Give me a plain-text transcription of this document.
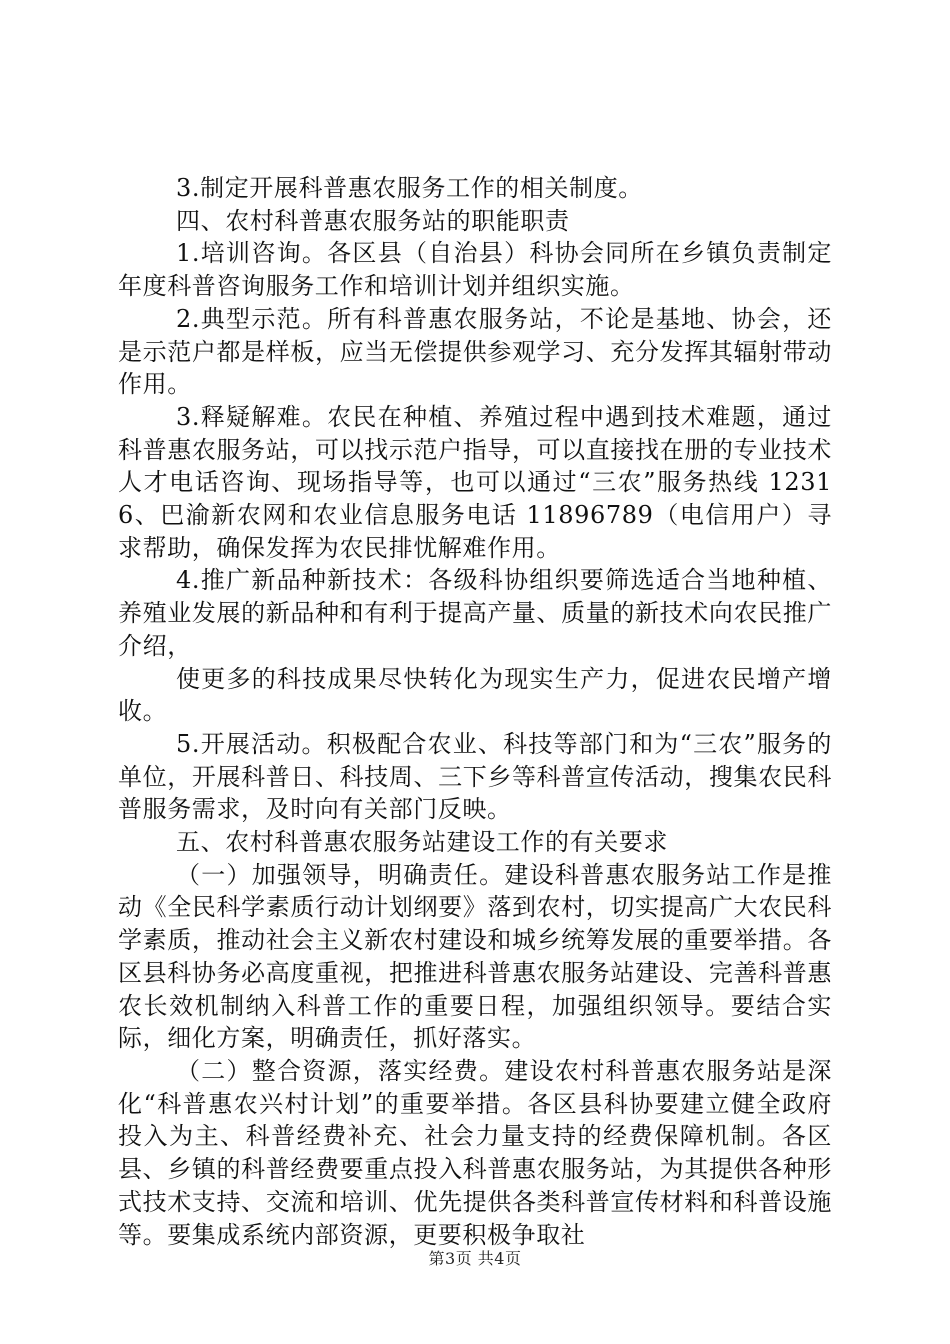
3.制定开展科普惠农服务工作的相关制度。

四、农村科普惠农服务站的职能职责

1.培训咨询。各区县（自治县）科协会同所在乡镇负责制定年度科普咨询服务工作和培训计划并组织实施。

2.典型示范。所有科普惠农服务站，不论是基地、协会，还是示范户都是样板，应当无偿提供参观学习、充分发挥其辐射带动作用。

3.释疑解难。农民在种植、养殖过程中遇到技术难题，通过科普惠农服务站，可以找示范户指导，可以直接找在册的专业技术人才电话咨询、现场指导等，也可以通过“三农”服务热线 12316、巴渝新农网和农业信息服务电话 11896789（电信用户）寻求帮助，确保发挥为农民排忧解难作用。

4.推广新品种新技术：各级科协组织要筛选适合当地种植、养殖业发展的新品种和有利于提高产量、质量的新技术向农民推广介绍，

使更多的科技成果尽快转化为现实生产力，促进农民增产增收。

5.开展活动。积极配合农业、科技等部门和为“三农”服务的单位，开展科普日、科技周、三下乡等科普宣传活动，搜集农民科普服务需求，及时向有关部门反映。

五、农村科普惠农服务站建设工作的有关要求

（一）加强领导，明确责任。建设科普惠农服务站工作是推动《全民科学素质行动计划纲要》落到农村，切实提高广大农民科学素质，推动社会主义新农村建设和城乡统筹发展的重要举措。各区县科协务必高度重视，把推进科普惠农服务站建设、完善科普惠农长效机制纳入科普工作的重要日程，加强组织领导。要结合实际，细化方案，明确责任，抓好落实。

（二）整合资源，落实经费。建设农村科普惠农服务站是深化“科普惠农兴村计划”的重要举措。各区县科协要建立健全政府投入为主、科普经费补充、社会力量支持的经费保障机制。各区县、乡镇的科普经费要重点投入科普惠农服务站，为其提供各种形式技术支持、交流和培训、优先提供各类科普宣传材料和科普设施等。要集成系统内部资源，更要积极争取社

第3页 共4页
